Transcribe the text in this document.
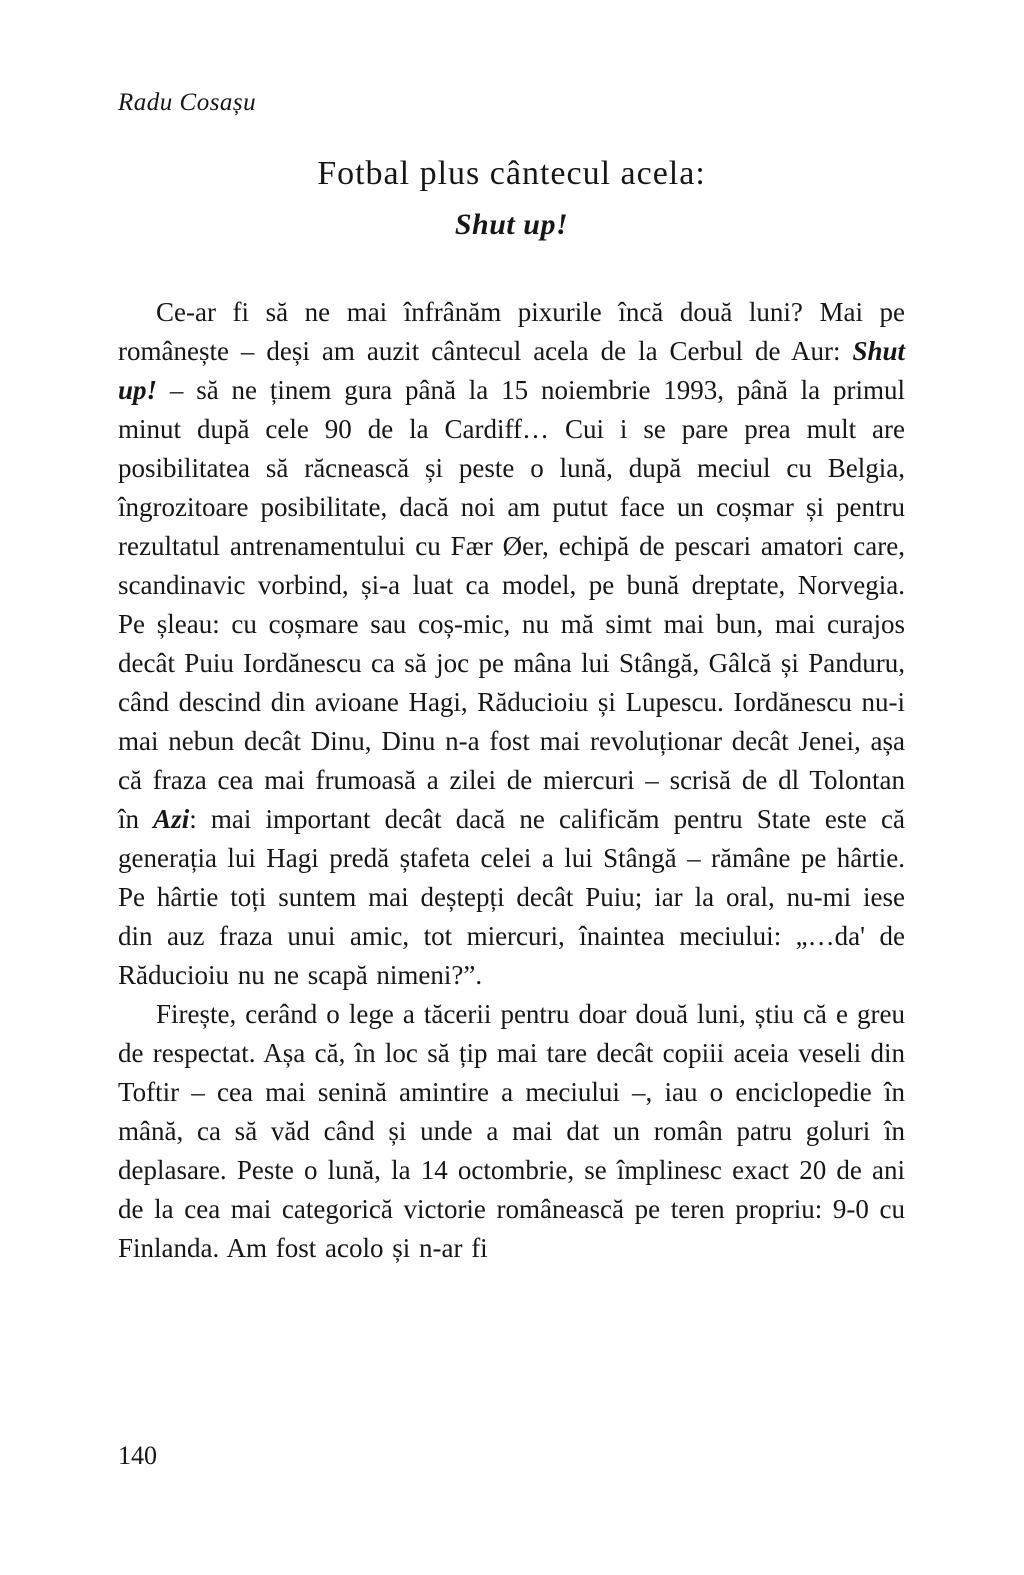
Radu Cosașu
Fotbal plus cântecul acela:
Shut up!

Ce-ar fi să ne mai înfrânăm pixurile încă două luni? Mai pe românește – deși am auzit cântecul acela de la Cerbul de Aur: Shut up! – să ne ținem gura până la 15 noiembrie 1993, până la primul minut după cele 90 de la Cardiff… Cui i se pare prea mult are posibilitatea să răcnească și peste o lună, după meciul cu Belgia, îngrozitoare posibilitate, dacă noi am putut face un coșmar și pentru rezultatul antrenamentului cu Fær Øer, echipă de pescari amatori care, scandinavic vorbind, și-a luat ca model, pe bună dreptate, Norvegia. Pe șleau: cu coșmare sau coș-mic, nu mă simt mai bun, mai curajos decât Puiu Iordănescu ca să joc pe mâna lui Stângă, Gâlcă și Panduru, când descind din avioane Hagi, Răducioiu și Lupescu. Iordănescu nu-i mai nebun decât Dinu, Dinu n-a fost mai revoluționar decât Jenei, așa că fraza cea mai frumoasă a zilei de miercuri – scrisă de dl Tolontan în Azi: mai important decât dacă ne calificăm pentru State este că generația lui Hagi predă ștafeta celei a lui Stângă – rămâne pe hârtie. Pe hârtie toți suntem mai deștepți decât Puiu; iar la oral, nu-mi iese din auz fraza unui amic, tot miercuri, înaintea meciului: „…da' de Răducioiu nu ne scapă nimeni?”.

Firește, cerând o lege a tăcerii pentru doar două luni, știu că e greu de respectat. Așa că, în loc să țip mai tare decât copiii aceia veseli din Toftir – cea mai senină amintire a meciului –, iau o enciclopedie în mână, ca să văd când și unde a mai dat un român patru goluri în deplasare. Peste o lună, la 14 octombrie, se împlinesc exact 20 de ani de la cea mai categorică victorie românească pe teren propriu: 9-0 cu Finlanda. Am fost acolo și n-ar fi

140
